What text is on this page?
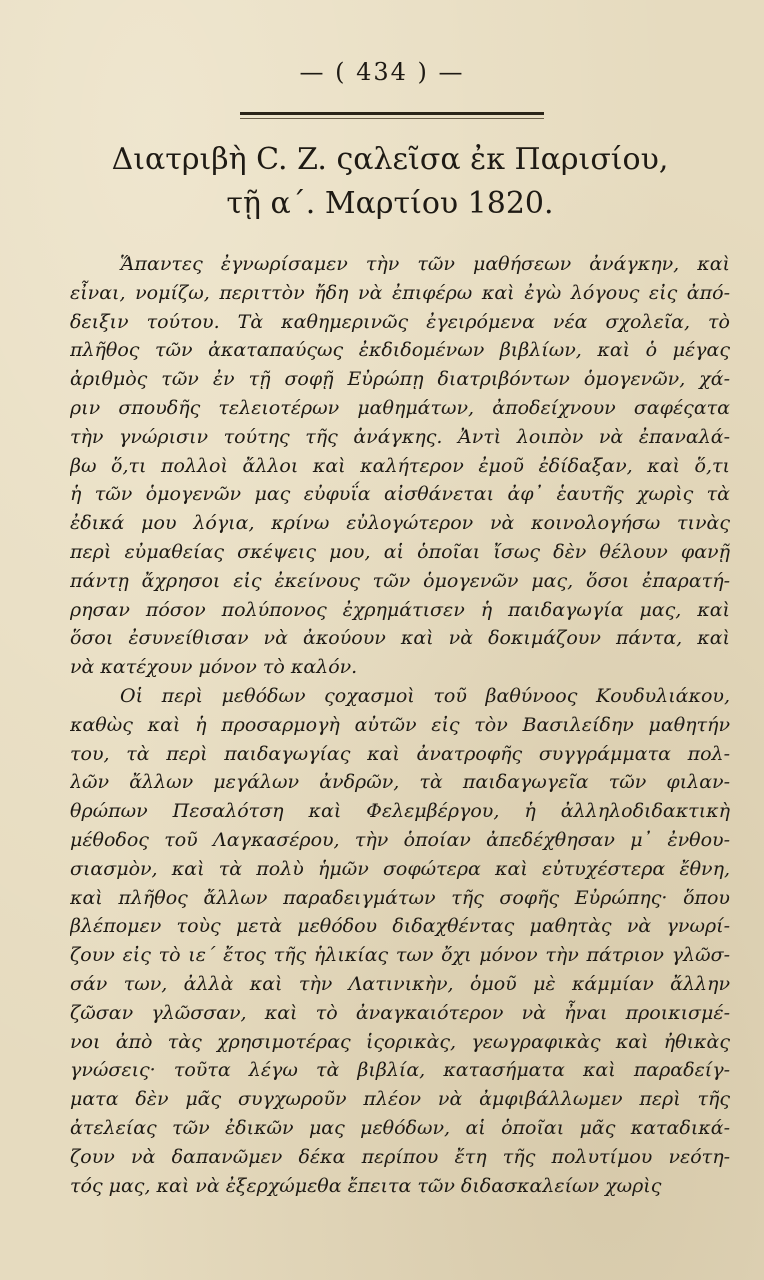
— ( 434 ) —
Διατριβὴ C. Z. ςαλεῖσα ἐκ Παρισίου,
τῇ α΄. Μαρτίου 1820.
Ἅπαντες ἐγνωρίσαμεν τὴν τῶν μαθήσεων ἀνάγκην, καὶ
εἶναι, νομίζω, περιττὸν ἤδη νὰ ἐπιφέρω καὶ ἐγὼ λόγους εἰς ἀπό-
δειξιν τούτου. Τὰ καθημερινῶς ἐγειρόμενα νέα σχολεῖα, τὸ
πλῆθος τῶν ἀκαταπαύςως ἐκδιδομένων βιβλίων, καὶ ὁ μέγας
ἀριθμὸς τῶν ἐν τῇ σοφῇ Εὐρώπῃ διατριβόντων ὁμογενῶν, χά-
ριν σπουδῆς τελειοτέρων μαθημάτων, ἀποδείχνουν σαφέςατα
τὴν γνώρισιν τούτης τῆς ἀνάγκης. Ἀντὶ λοιπὸν νὰ ἐπαναλά-
βω ὅ,τι πολλοὶ ἄλλοι καὶ καλήτερον ἐμοῦ ἐδίδαξαν, καὶ ὅ,τι
ἡ τῶν ὁμογενῶν μας εὐφυΐα αἰσθάνεται ἀφ᾽ ἑαυτῆς χωρὶς τὰ
ἐδικά μου λόγια, κρίνω εὐλογώτερον νὰ κοινολογήσω τινὰς
περὶ εὐμαθείας σκέψεις μου, αἱ ὁποῖαι ἴσως δὲν θέλουν φανῇ
πάντῃ ἄχρησοι εἰς ἐκείνους τῶν ὁμογενῶν μας, ὅσοι ἐπαρατή-
ρησαν πόσον πολύπονος ἐχρημάτισεν ἡ παιδαγωγία μας, καὶ
ὅσοι ἐσυνείθισαν νὰ ἀκούουν καὶ νὰ δοκιμάζουν πάντα, καὶ
νὰ κατέχουν μόνον τὸ καλόν.
Οἱ περὶ μεθόδων ςοχασμοὶ τοῦ βαθύνοος Κουδυλιάκου,
καθὼς καὶ ἡ προσαρμογὴ αὐτῶν εἰς τὸν Βασιλείδην μαθητήν
του, τὰ περὶ παιδαγωγίας καὶ ἀνατροφῆς συγγράμματα πολ-
λῶν ἄλλων μεγάλων ἀνδρῶν, τὰ παιδαγωγεῖα τῶν φιλαν-
θρώπων Πεσαλότση καὶ Φελεμβέργου, ἡ ἀλληλοδιδακτικὴ
μέθοδος τοῦ Λαγκασέρου, τὴν ὁποίαν ἀπεδέχθησαν μ᾽ ἐνθου-
σιασμὸν, καὶ τὰ πολὺ ἡμῶν σοφώτερα καὶ εὐτυχέστερα ἔθνη,
καὶ πλῆθος ἄλλων παραδειγμάτων τῆς σοφῆς Εὐρώπης· ὅπου
βλέπομεν τοὺς μετὰ μεθόδου διδαχθέντας μαθητὰς νὰ γνωρί-
ζουν εἰς τὸ ιε΄ ἔτος τῆς ἡλικίας των ὄχι μόνον τὴν πάτριον γλῶσ-
σάν των, ἀλλὰ καὶ τὴν Λατινικὴν, ὁμοῦ μὲ κάμμίαν ἄλλην
ζῶσαν γλῶσσαν, καὶ τὸ ἀναγκαιότερον νὰ ἦναι προικισμέ-
νοι ἀπὸ τὰς χρησιμοτέρας ἱςορικὰς, γεωγραφικὰς καὶ ἠθικὰς
γνώσεις· τοῦτα λέγω τὰ βιβλία, κατασήματα καὶ παραδείγ-
ματα δὲν μᾶς συγχωροῦν πλέον νὰ ἀμφιβάλλωμεν περὶ τῆς
ἀτελείας τῶν ἐδικῶν μας μεθόδων, αἱ ὁποῖαι μᾶς καταδικά-
ζουν νὰ δαπανῶμεν δέκα περίπου ἔτη τῆς πολυτίμου νεότη-
τός μας, καὶ νὰ ἐξερχώμεθα ἔπειτα τῶν διδασκαλείων χωρὶς
